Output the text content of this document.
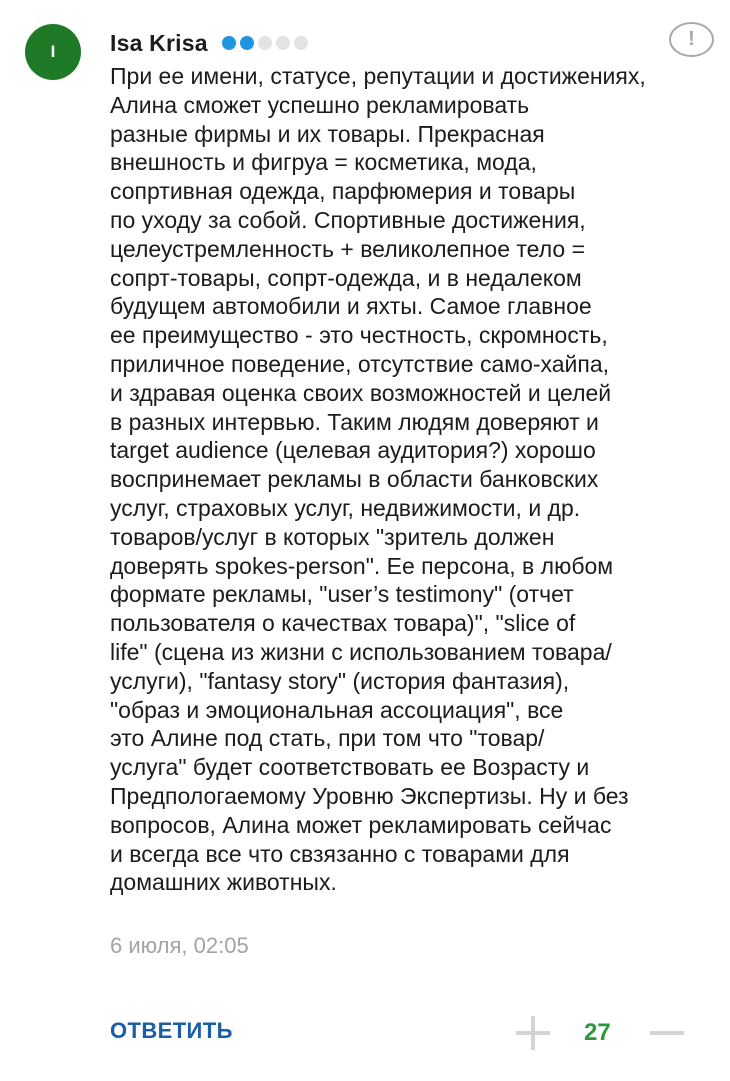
I	Isa Krisa	!
При ее имени, статусе, репутации и достижениях,
Алина сможет успешно рекламировать
разные фирмы и их товары. Прекрасная
внешность и фигруа = косметика, мода,
сопртивная одежда, парфюмерия и товары
по уходу за собой. Спортивные достижения,
целеустремленность + великолепное тело =
сопрт-товары, сопрт-одежда, и в недалеком
будущем автомобили и яхты. Самое главное
ее преимущество - это честность, скромность,
приличное поведение, отсутствие само-хайпа,
и здравая оценка своих возможностей и целей
в разных интервью. Таким людям доверяют и
target audience (целевая аудитория?) хорошо
воспринемает рекламы в области банковских
услуг, страховых услуг, недвижимости, и др.
товаров/услуг в которых "зритель должен
доверять spokes-person". Ее персона, в любом
формате рекламы, "user’s testimony" (отчет
пользователя о качествах товара)", "slice of
life" (сцена из жизни с использованием товара/
услуги), "fantasy story" (история фантазия),
"образ и эмоциональная ассоциация", все
это Алине под стать, при том что "товар/
услуга" будет соответствовать ее Возрасту и
Предпологаемому Уровню Экспертизы. Ну и без
вопросов, Алина может рекламировать сейчас
и всегда все что свзязанно с товарами для
домашних животных.
6 июля, 02:05
ОТВЕТИТЬ	27
